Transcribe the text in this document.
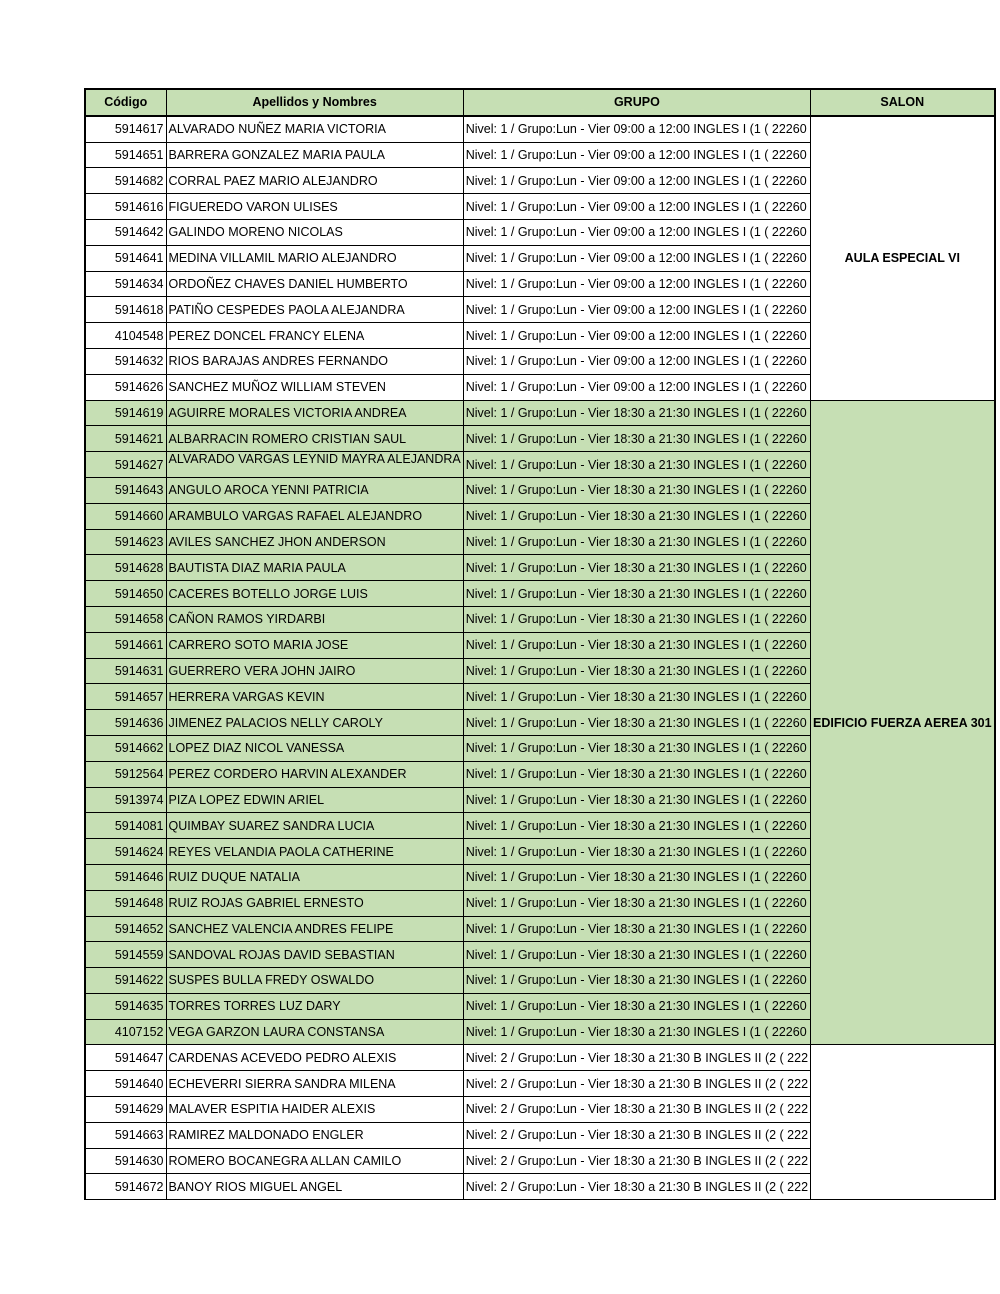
Código	Apellidos y Nombres	GRUPO	SALON
5914617	ALVARADO NUÑEZ MARIA VICTORIA	Nivel: 1 / Grupo:Lun - Vier 09:00 a 12:00 INGLES I (1 ( 22260	AULA ESPECIAL VI
5914651	BARRERA GONZALEZ MARIA PAULA	Nivel: 1 / Grupo:Lun - Vier 09:00 a 12:00 INGLES I (1 ( 22260	
5914682	CORRAL PAEZ MARIO ALEJANDRO	Nivel: 1 / Grupo:Lun - Vier 09:00 a 12:00 INGLES I (1 ( 22260	
5914616	FIGUEREDO VARON ULISES	Nivel: 1 / Grupo:Lun - Vier 09:00 a 12:00 INGLES I (1 ( 22260	
5914642	GALINDO MORENO NICOLAS	Nivel: 1 / Grupo:Lun - Vier 09:00 a 12:00 INGLES I (1 ( 22260	
5914641	MEDINA VILLAMIL MARIO ALEJANDRO	Nivel: 1 / Grupo:Lun - Vier 09:00 a 12:00 INGLES I (1 ( 22260	
5914634	ORDOÑEZ CHAVES DANIEL HUMBERTO	Nivel: 1 / Grupo:Lun - Vier 09:00 a 12:00 INGLES I (1 ( 22260	
5914618	PATIÑO CESPEDES PAOLA ALEJANDRA	Nivel: 1 / Grupo:Lun - Vier 09:00 a 12:00 INGLES I (1 ( 22260	
4104548	PEREZ DONCEL FRANCY ELENA	Nivel: 1 / Grupo:Lun - Vier 09:00 a 12:00 INGLES I (1 ( 22260	
5914632	RIOS BARAJAS ANDRES FERNANDO	Nivel: 1 / Grupo:Lun - Vier 09:00 a 12:00 INGLES I (1 ( 22260	
5914626	SANCHEZ MUÑOZ WILLIAM STEVEN	Nivel: 1 / Grupo:Lun - Vier 09:00 a 12:00 INGLES I (1 ( 22260	
5914619	AGUIRRE MORALES VICTORIA ANDREA	Nivel: 1 / Grupo:Lun - Vier 18:30 a 21:30 INGLES I (1 ( 22260	EDIFICIO FUERZA AEREA 301
5914621	ALBARRACIN ROMERO CRISTIAN SAUL	Nivel: 1 / Grupo:Lun - Vier 18:30 a 21:30 INGLES I (1 ( 22260	
5914627	ALVARADO VARGAS LEYNID MAYRA ALEJANDRA	Nivel: 1 / Grupo:Lun - Vier 18:30 a 21:30 INGLES I (1 ( 22260	
5914643	ANGULO AROCA YENNI PATRICIA	Nivel: 1 / Grupo:Lun - Vier 18:30 a 21:30 INGLES I (1 ( 22260	
5914660	ARAMBULO VARGAS RAFAEL ALEJANDRO	Nivel: 1 / Grupo:Lun - Vier 18:30 a 21:30 INGLES I (1 ( 22260	
5914623	AVILES SANCHEZ JHON ANDERSON	Nivel: 1 / Grupo:Lun - Vier 18:30 a 21:30 INGLES I (1 ( 22260	
5914628	BAUTISTA DIAZ MARIA PAULA	Nivel: 1 / Grupo:Lun - Vier 18:30 a 21:30 INGLES I (1 ( 22260	
5914650	CACERES BOTELLO JORGE LUIS	Nivel: 1 / Grupo:Lun - Vier 18:30 a 21:30 INGLES I (1 ( 22260	
5914658	CAÑON RAMOS YIRDARBI	Nivel: 1 / Grupo:Lun - Vier 18:30 a 21:30 INGLES I (1 ( 22260	
5914661	CARRERO SOTO MARIA JOSE	Nivel: 1 / Grupo:Lun - Vier 18:30 a 21:30 INGLES I (1 ( 22260	
5914631	GUERRERO VERA JOHN JAIRO	Nivel: 1 / Grupo:Lun - Vier 18:30 a 21:30 INGLES I (1 ( 22260	
5914657	HERRERA VARGAS KEVIN	Nivel: 1 / Grupo:Lun - Vier 18:30 a 21:30 INGLES I (1 ( 22260	
5914636	JIMENEZ PALACIOS NELLY CAROLY	Nivel: 1 / Grupo:Lun - Vier 18:30 a 21:30 INGLES I (1 ( 22260	
5914662	LOPEZ DIAZ NICOL VANESSA	Nivel: 1 / Grupo:Lun - Vier 18:30 a 21:30 INGLES I (1 ( 22260	
5912564	PEREZ CORDERO HARVIN ALEXANDER	Nivel: 1 / Grupo:Lun - Vier 18:30 a 21:30 INGLES I (1 ( 22260	
5913974	PIZA LOPEZ EDWIN ARIEL	Nivel: 1 / Grupo:Lun - Vier 18:30 a 21:30 INGLES I (1 ( 22260	
5914081	QUIMBAY SUAREZ SANDRA LUCIA	Nivel: 1 / Grupo:Lun - Vier 18:30 a 21:30 INGLES I (1 ( 22260	
5914624	REYES VELANDIA PAOLA CATHERINE	Nivel: 1 / Grupo:Lun - Vier 18:30 a 21:30 INGLES I (1 ( 22260	
5914646	RUIZ DUQUE NATALIA	Nivel: 1 / Grupo:Lun - Vier 18:30 a 21:30 INGLES I (1 ( 22260	
5914648	RUIZ ROJAS GABRIEL ERNESTO	Nivel: 1 / Grupo:Lun - Vier 18:30 a 21:30 INGLES I (1 ( 22260	
5914652	SANCHEZ VALENCIA ANDRES FELIPE	Nivel: 1 / Grupo:Lun - Vier 18:30 a 21:30 INGLES I (1 ( 22260	
5914559	SANDOVAL ROJAS DAVID SEBASTIAN	Nivel: 1 / Grupo:Lun - Vier 18:30 a 21:30 INGLES I (1 ( 22260	
5914622	SUSPES BULLA FREDY OSWALDO	Nivel: 1 / Grupo:Lun - Vier 18:30 a 21:30 INGLES I (1 ( 22260	
5914635	TORRES TORRES LUZ DARY	Nivel: 1 / Grupo:Lun - Vier 18:30 a 21:30 INGLES I (1 ( 22260	
4107152	VEGA GARZON LAURA CONSTANSA	Nivel: 1 / Grupo:Lun - Vier 18:30 a 21:30 INGLES I (1 ( 22260	
5914647	CARDENAS ACEVEDO PEDRO ALEXIS	Nivel: 2 / Grupo:Lun - Vier 18:30 a 21:30 B INGLES II (2 ( 222	
5914640	ECHEVERRI SIERRA SANDRA MILENA	Nivel: 2 / Grupo:Lun - Vier 18:30 a 21:30 B INGLES II (2 ( 222	
5914629	MALAVER ESPITIA HAIDER ALEXIS	Nivel: 2 / Grupo:Lun - Vier 18:30 a 21:30 B INGLES II (2 ( 222	
5914663	RAMIREZ MALDONADO ENGLER	Nivel: 2 / Grupo:Lun - Vier 18:30 a 21:30 B INGLES II (2 ( 222	
5914630	ROMERO BOCANEGRA ALLAN CAMILO	Nivel: 2 / Grupo:Lun - Vier 18:30 a 21:30 B INGLES II (2 ( 222	
5914672	BANOY RIOS MIGUEL ANGEL	Nivel: 2 / Grupo:Lun - Vier 18:30 a 21:30 B INGLES II (2 ( 222	
